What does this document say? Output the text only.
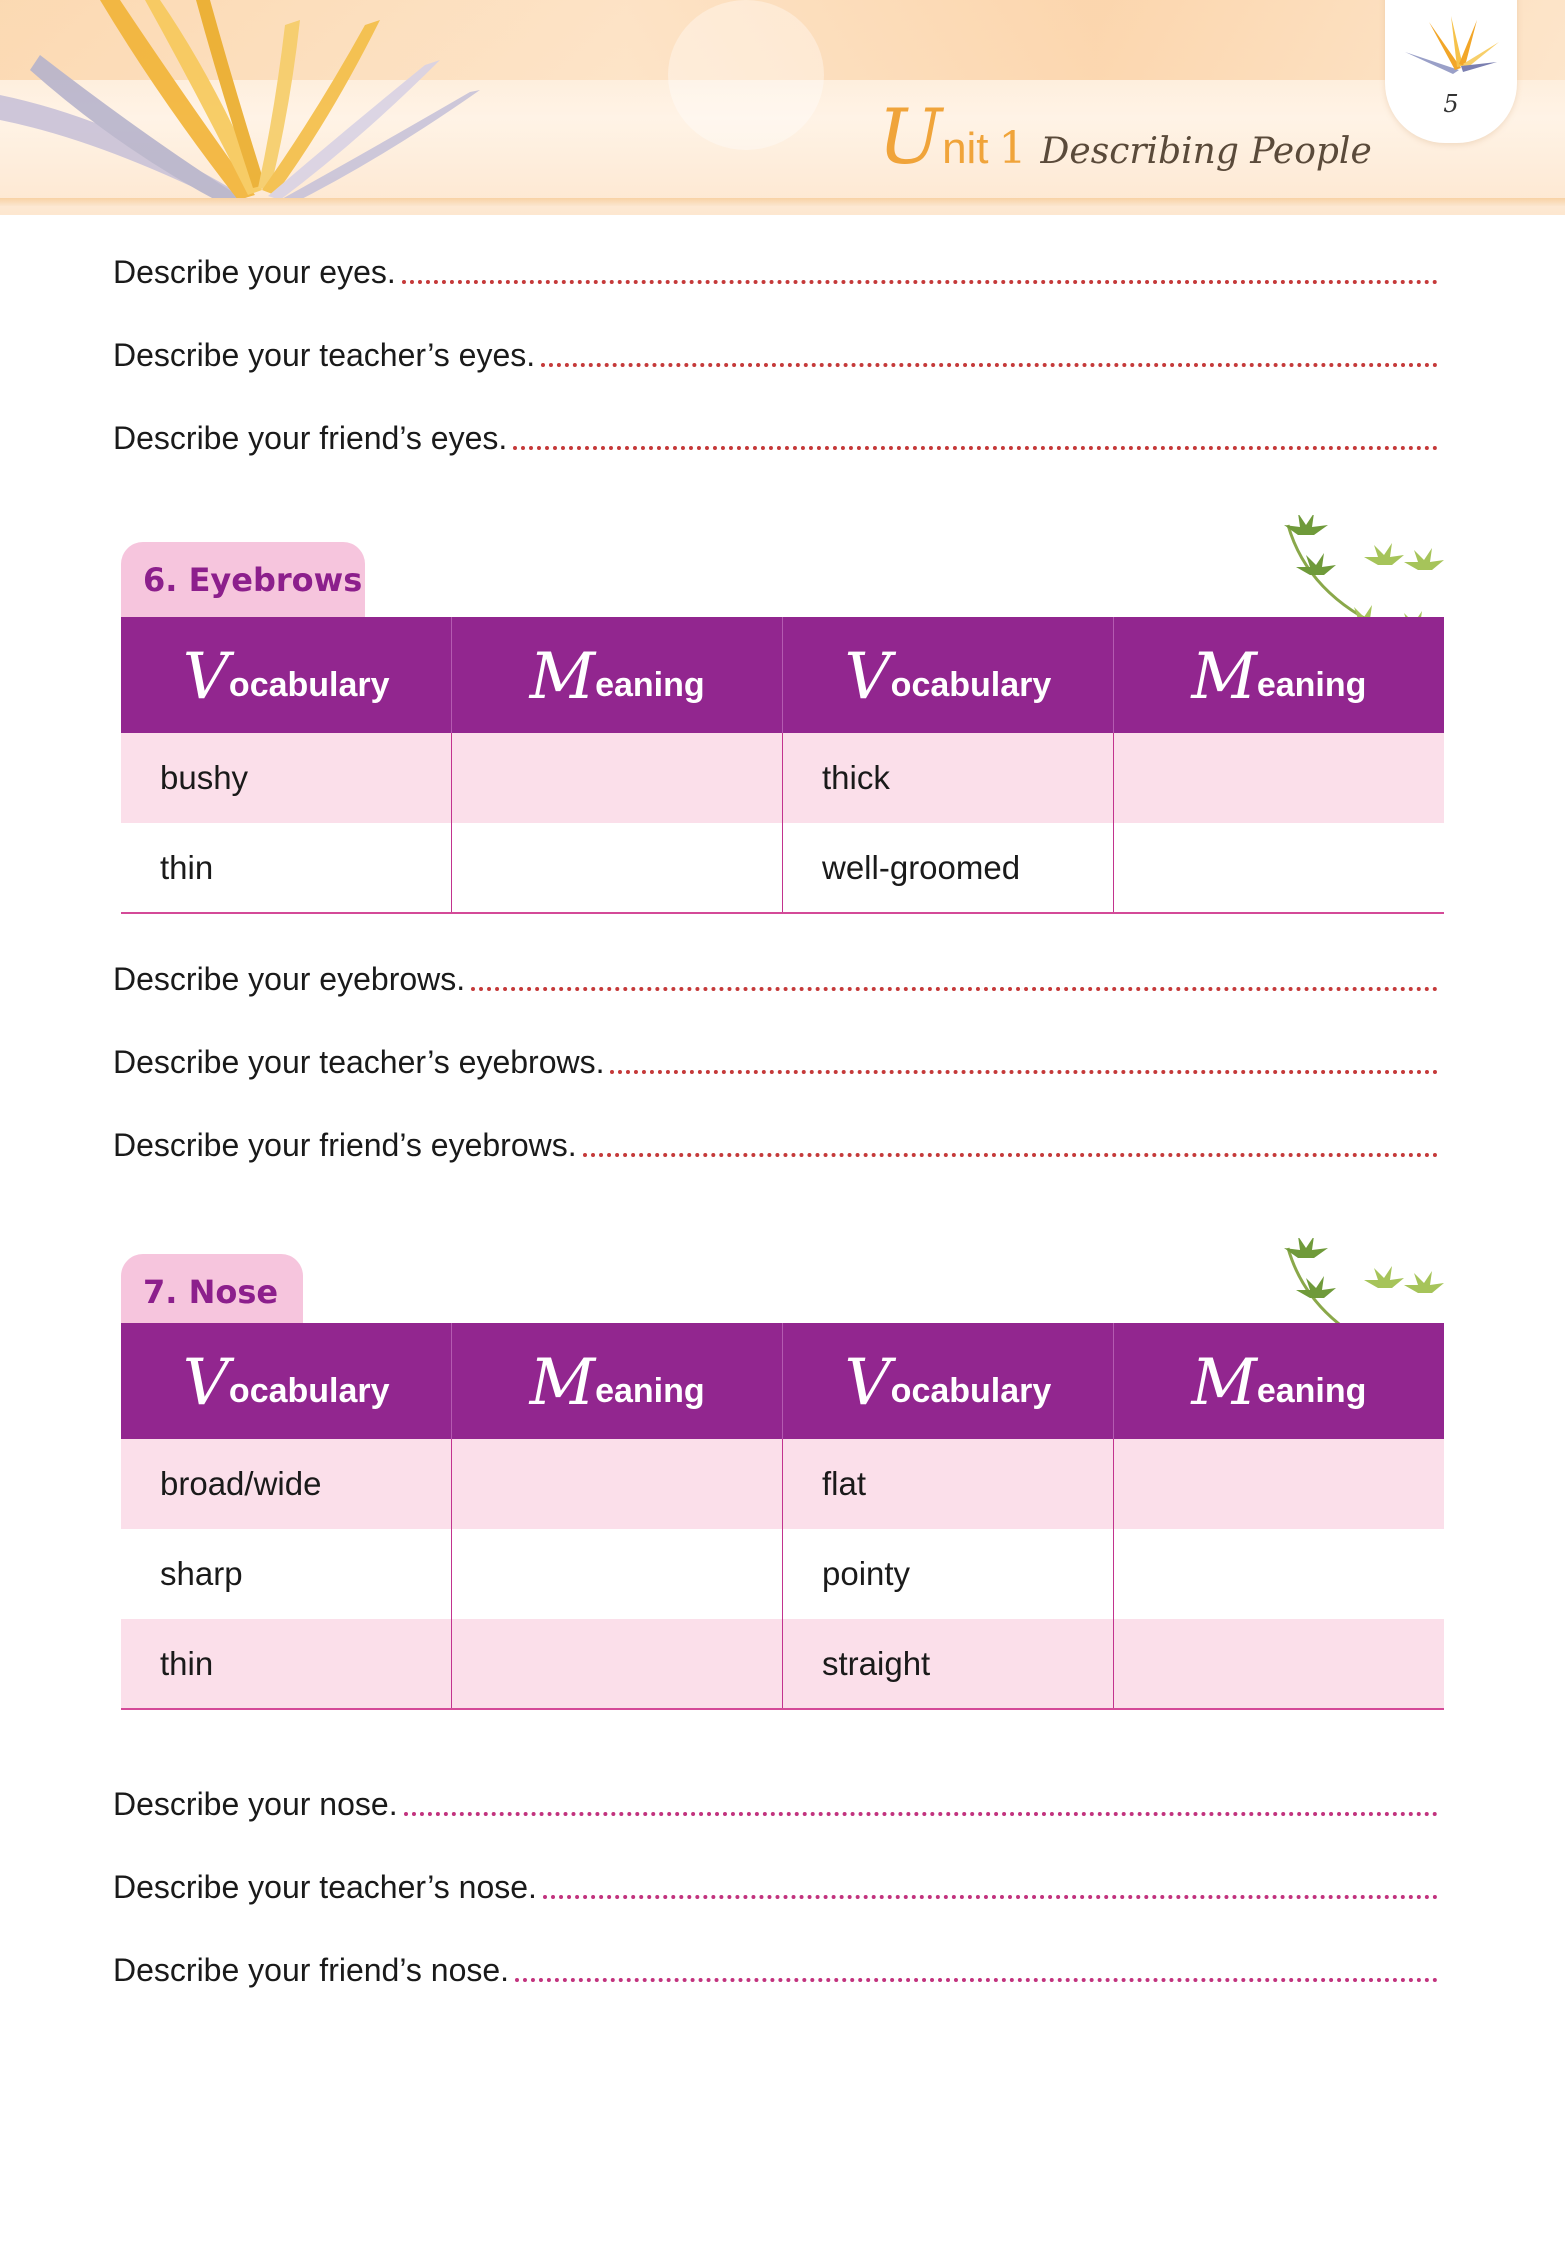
Unit 1 Describing People
5
Describe your eyes.
Describe your teacher’s eyes.
Describe your friend’s eyes.
6. Eyebrows
Vocabulary	Meaning	Vocabulary	Meaning
bushy		thick	
thin		well-groomed	
Describe your eyebrows.
Describe your teacher’s eyebrows.
Describe your friend’s eyebrows.
7. Nose
Vocabulary	Meaning	Vocabulary	Meaning
broad/wide		flat	
sharp		pointy	
thin		straight	
Describe your nose.
Describe your teacher’s nose.
Describe your friend’s nose.
